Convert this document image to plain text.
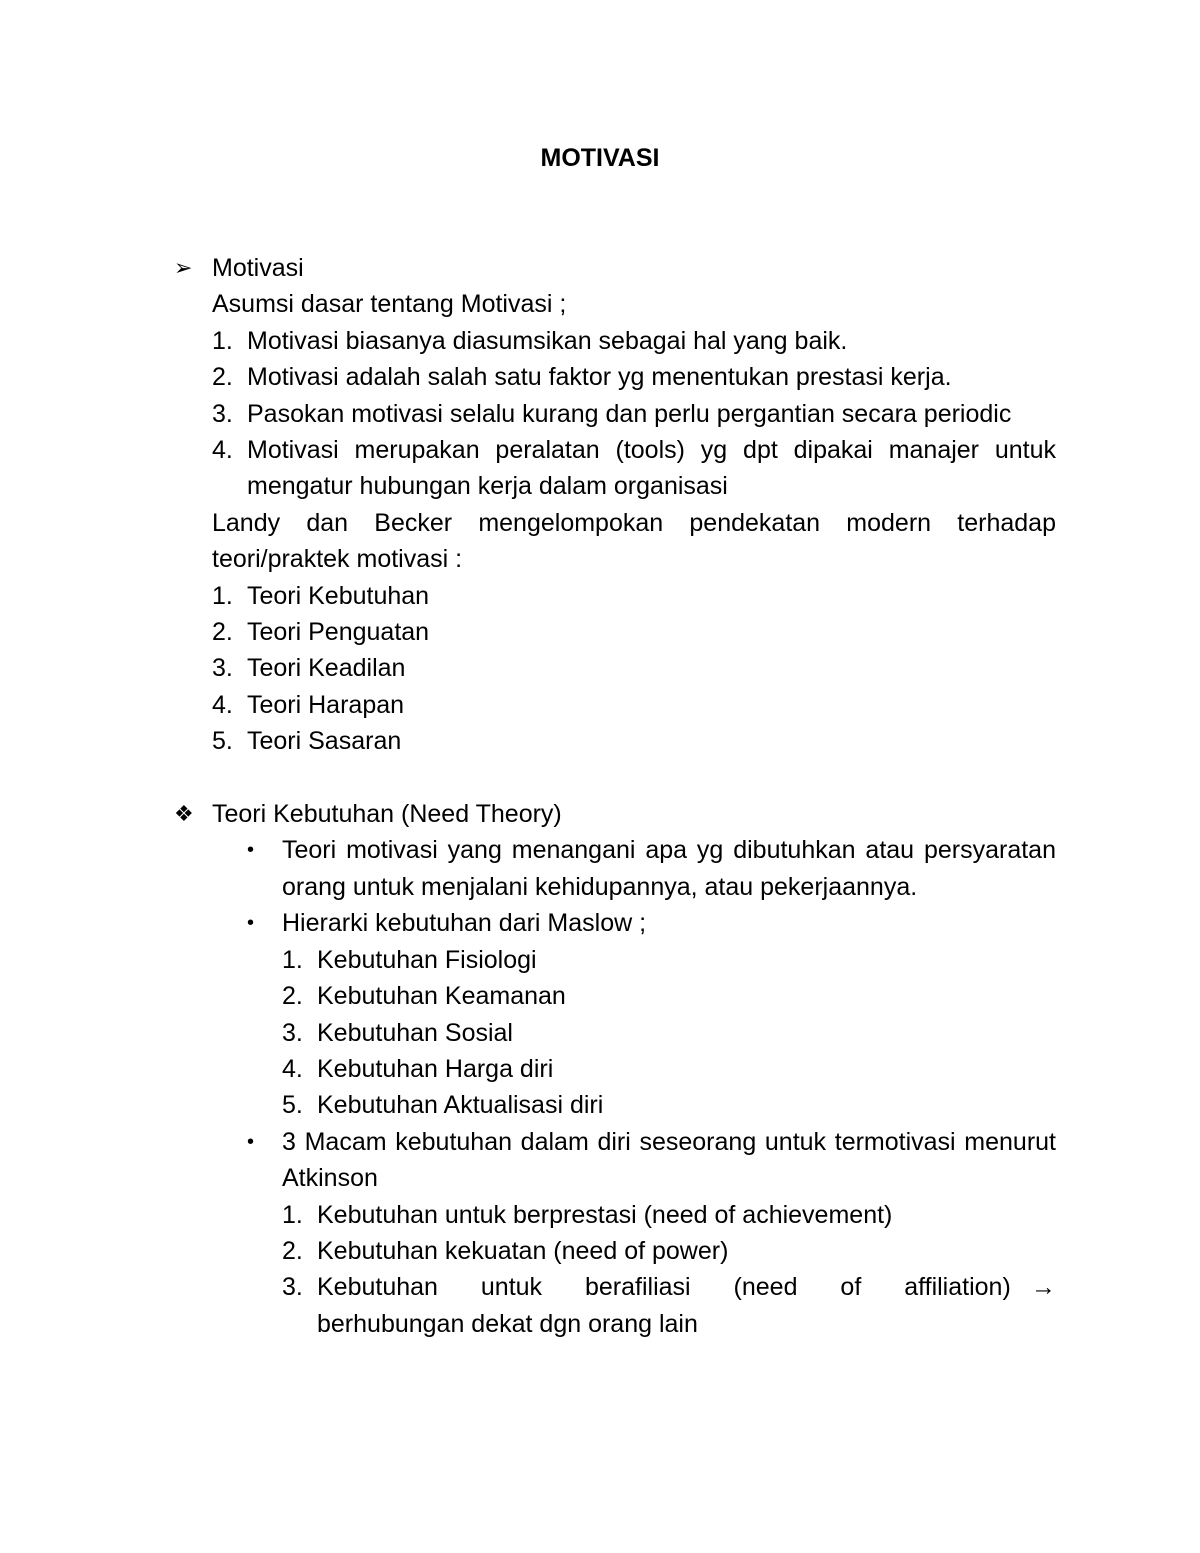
MOTIVASI
➢ Motivasi
Asumsi dasar tentang Motivasi ;
1. Motivasi biasanya diasumsikan sebagai hal yang baik.
2. Motivasi adalah salah satu faktor yg menentukan prestasi kerja.
3. Pasokan motivasi selalu kurang dan perlu pergantian secara periodic
4. Motivasi merupakan peralatan (tools) yg dpt dipakai manajer untuk mengatur hubungan kerja dalam organisasi
Landy dan Becker mengelompokan pendekatan modern terhadap teori/praktek motivasi :
1. Teori Kebutuhan
2. Teori Penguatan
3. Teori Keadilan
4. Teori Harapan
5. Teori Sasaran
❖ Teori Kebutuhan (Need Theory)
•	Teori motivasi yang menangani apa yg dibutuhkan atau persyaratan orang untuk menjalani kehidupannya, atau pekerjaannya.
•	Hierarki kebutuhan dari Maslow ;
1. Kebutuhan Fisiologi
2. Kebutuhan Keamanan
3. Kebutuhan Sosial
4. Kebutuhan Harga diri
5. Kebutuhan Aktualisasi diri
•	3 Macam kebutuhan dalam diri seseorang untuk termotivasi menurut Atkinson
1. Kebutuhan untuk berprestasi (need of achievement)
2. Kebutuhan kekuatan (need of power)
3. Kebutuhan untuk berafiliasi (need of affiliation) →
berhubungan dekat dgn orang lain
